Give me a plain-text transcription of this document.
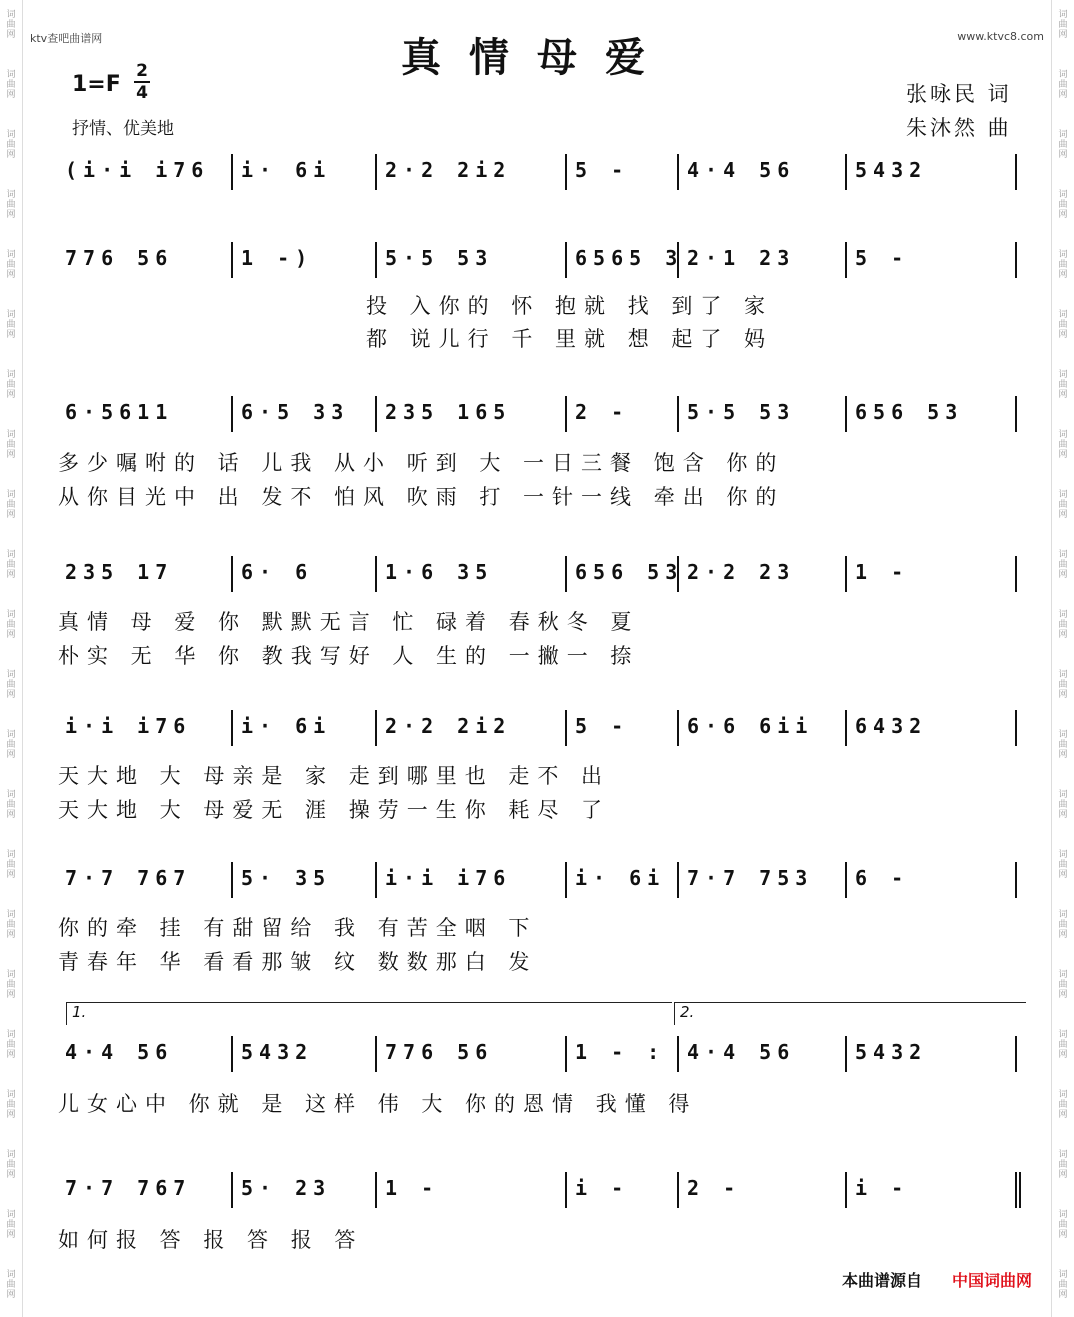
词
曲
网
词
曲
网
词
曲
网
词
曲
网
词
曲
网
词
曲
网
词
曲
网
词
曲
网
词
曲
网
词
曲
网
词
曲
网
词
曲
网
词
曲
网
词
曲
网
词
曲
网
词
曲
网
词
曲
网
词
曲
网
词
曲
网
词
曲
网
词
曲
网
词
曲
网
词
曲
网
词
曲
网
词
曲
网
词
曲
网
词
曲
网
词
曲
网
词
曲
网
词
曲
网
词
曲
网
词
曲
网
词
曲
网
词
曲
网
词
曲
网
词
曲
网
词
曲
网
词
曲
网
词
曲
网
词
曲
网
词
曲
网
词
曲
网
词
曲
网
词
曲
网
ktv查吧曲谱网	www.ktvc8.com
真情母爱
1=F
2
4
抒情、优美地
张咏民 词
朱沐然 曲
(i·i i76 i· 6i	2·2 2i2	5 -	4·4 56	5432
776 56	1 -)	5·5 53	6565 3 2·1 23	5 -
投 入你的 怀 抱就 找 到了 家
都 说儿行 千 里就 想 起了 妈
6·5611	6·5 33 235 165	2 -	5·5 53	656 53
多少嘱咐的 话 儿我 从小 听到 大 一日三餐 饱含 你的
从你目光中 出 发不 怕风 吹雨 打 一针一线 牵出 你的
235 17	6· 6	1·6 35	656 53 2·2 23	1 -
真情 母 爱 你 默默无言 忙 碌着 春秋冬 夏
朴实 无 华 你 教我写好 人 生的 一撇一 捺
i·i i76 i· 6i	2·2 2i2	5 -	6·6 6ii 6432
天大地 大 母亲是 家 走到哪里也 走不 出
天大地 大 母爱无 涯 操劳一生你 耗尽 了
7·7 767 5· 35	i·i i76	i· 6i 7·7 753 6 -
你的牵 挂 有甜留给 我 有苦全咽 下
青春年 华 看看那皱 纹 数数那白 发
4·4 56	5432	776 56	1 - : 4·4 56	5432
儿女心中 你就 是 这样 伟 大 你的恩情 我懂 得
7·7 767 5· 23	1 -	i -	2 -	i -
如何报 答 报 答 报 答
1.	2.
本曲谱源自 中国词曲网
